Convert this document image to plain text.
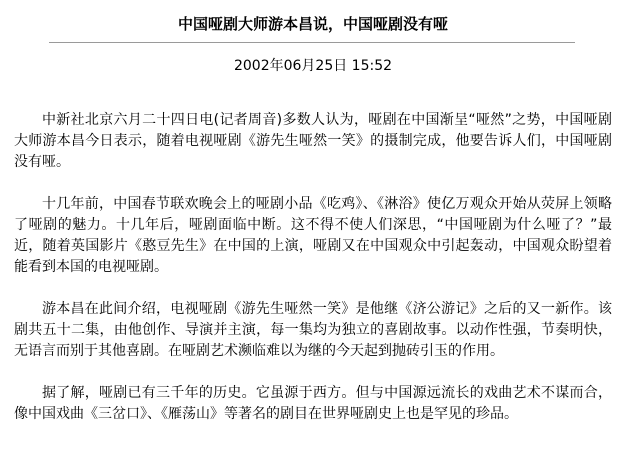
中国哑剧大师游本昌说，中国哑剧没有哑
2002年06月25日 15:52

中新社北京六月二十四日电(记者周音)多数人认为，哑剧在中国渐呈“哑然”之势，中国哑剧大师游本昌今日表示，随着电视哑剧《游先生哑然一笑》的摄制完成，他要告诉人们，中国哑剧没有哑。

十几年前，中国春节联欢晚会上的哑剧小品《吃鸡》、《淋浴》使亿万观众开始从荧屏上领略了哑剧的魅力。十几年后，哑剧面临中断。这不得不使人们深思，“中国哑剧为什么哑了？”最近，随着英国影片《憨豆先生》在中国的上演，哑剧又在中国观众中引起轰动，中国观众盼望着能看到本国的电视哑剧。

游本昌在此间介绍，电视哑剧《游先生哑然一笑》是他继《济公游记》之后的又一新作。该剧共五十二集，由他创作、导演并主演，每一集均为独立的喜剧故事。以动作性强，节奏明快，无语言而别于其他喜剧。在哑剧艺术濒临难以为继的今天起到抛砖引玉的作用。

据了解，哑剧已有三千年的历史。它虽源于西方。但与中国源远流长的戏曲艺术不谋而合，像中国戏曲《三岔口》、《雁荡山》等著名的剧目在世界哑剧史上也是罕见的珍品。
